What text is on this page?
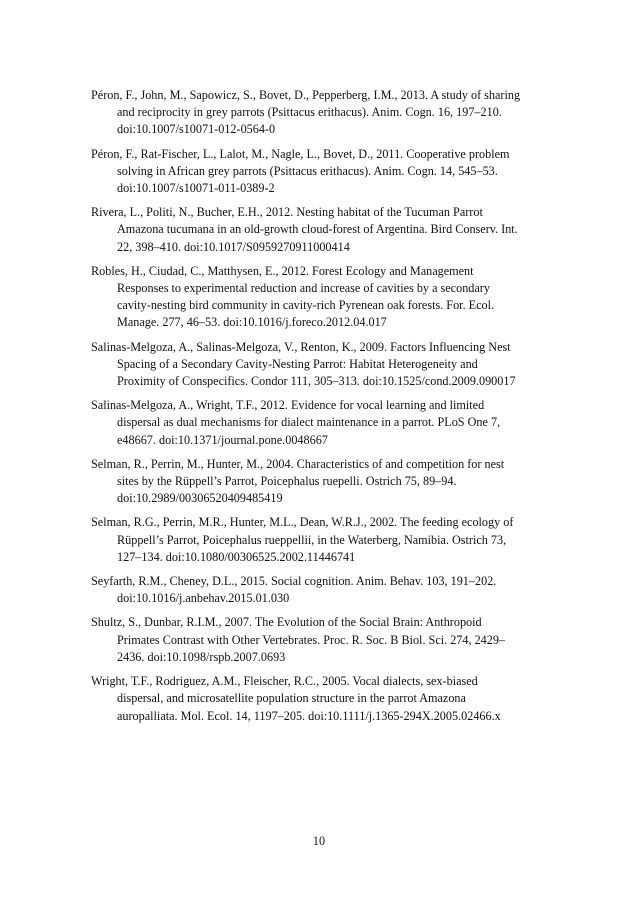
Péron, F., John, M., Sapowicz, S., Bovet, D., Pepperberg, I.M., 2013. A study of sharing
and reciprocity in grey parrots (Psittacus erithacus). Anim. Cogn. 16, 197–210.
doi:10.1007/s10071-012-0564-0
Péron, F., Rat-Fischer, L., Lalot, M., Nagle, L., Bovet, D., 2011. Cooperative problem
solving in African grey parrots (Psittacus erithacus). Anim. Cogn. 14, 545–53.
doi:10.1007/s10071-011-0389-2
Rivera, L., Politi, N., Bucher, E.H., 2012. Nesting habitat of the Tucuman Parrot
Amazona tucumana in an old-growth cloud-forest of Argentina. Bird Conserv. Int.
22, 398–410. doi:10.1017/S0959270911000414
Robles, H., Ciudad, C., Matthysen, E., 2012. Forest Ecology and Management
Responses to experimental reduction and increase of cavities by a secondary
cavity-nesting bird community in cavity-rich Pyrenean oak forests. For. Ecol.
Manage. 277, 46–53. doi:10.1016/j.foreco.2012.04.017
Salinas-Melgoza, A., Salinas-Melgoza, V., Renton, K., 2009. Factors Influencing Nest
Spacing of a Secondary Cavity-Nesting Parrot: Habitat Heterogeneity and
Proximity of Conspecifics. Condor 111, 305–313. doi:10.1525/cond.2009.090017
Salinas-Melgoza, A., Wright, T.F., 2012. Evidence for vocal learning and limited
dispersal as dual mechanisms for dialect maintenance in a parrot. PLoS One 7,
e48667. doi:10.1371/journal.pone.0048667
Selman, R., Perrin, M., Hunter, M., 2004. Characteristics of and competition for nest
sites by the Rüppell’s Parrot, Poicephalus ruepelli. Ostrich 75, 89–94.
doi:10.2989/00306520409485419
Selman, R.G., Perrin, M.R., Hunter, M.L., Dean, W.R.J., 2002. The feeding ecology of
Rüppell’s Parrot, Poicephalus rueppellii, in the Waterberg, Namibia. Ostrich 73,
127–134. doi:10.1080/00306525.2002.11446741
Seyfarth, R.M., Cheney, D.L., 2015. Social cognition. Anim. Behav. 103, 191–202.
doi:10.1016/j.anbehav.2015.01.030
Shultz, S., Dunbar, R.I.M., 2007. The Evolution of the Social Brain: Anthropoid
Primates Contrast with Other Vertebrates. Proc. R. Soc. B Biol. Sci. 274, 2429–
2436. doi:10.1098/rspb.2007.0693
Wright, T.F., Rodriguez, A.M., Fleischer, R.C., 2005. Vocal dialects, sex-biased
dispersal, and microsatellite population structure in the parrot Amazona
auropalliata. Mol. Ecol. 14, 1197–205. doi:10.1111/j.1365-294X.2005.02466.x
10
